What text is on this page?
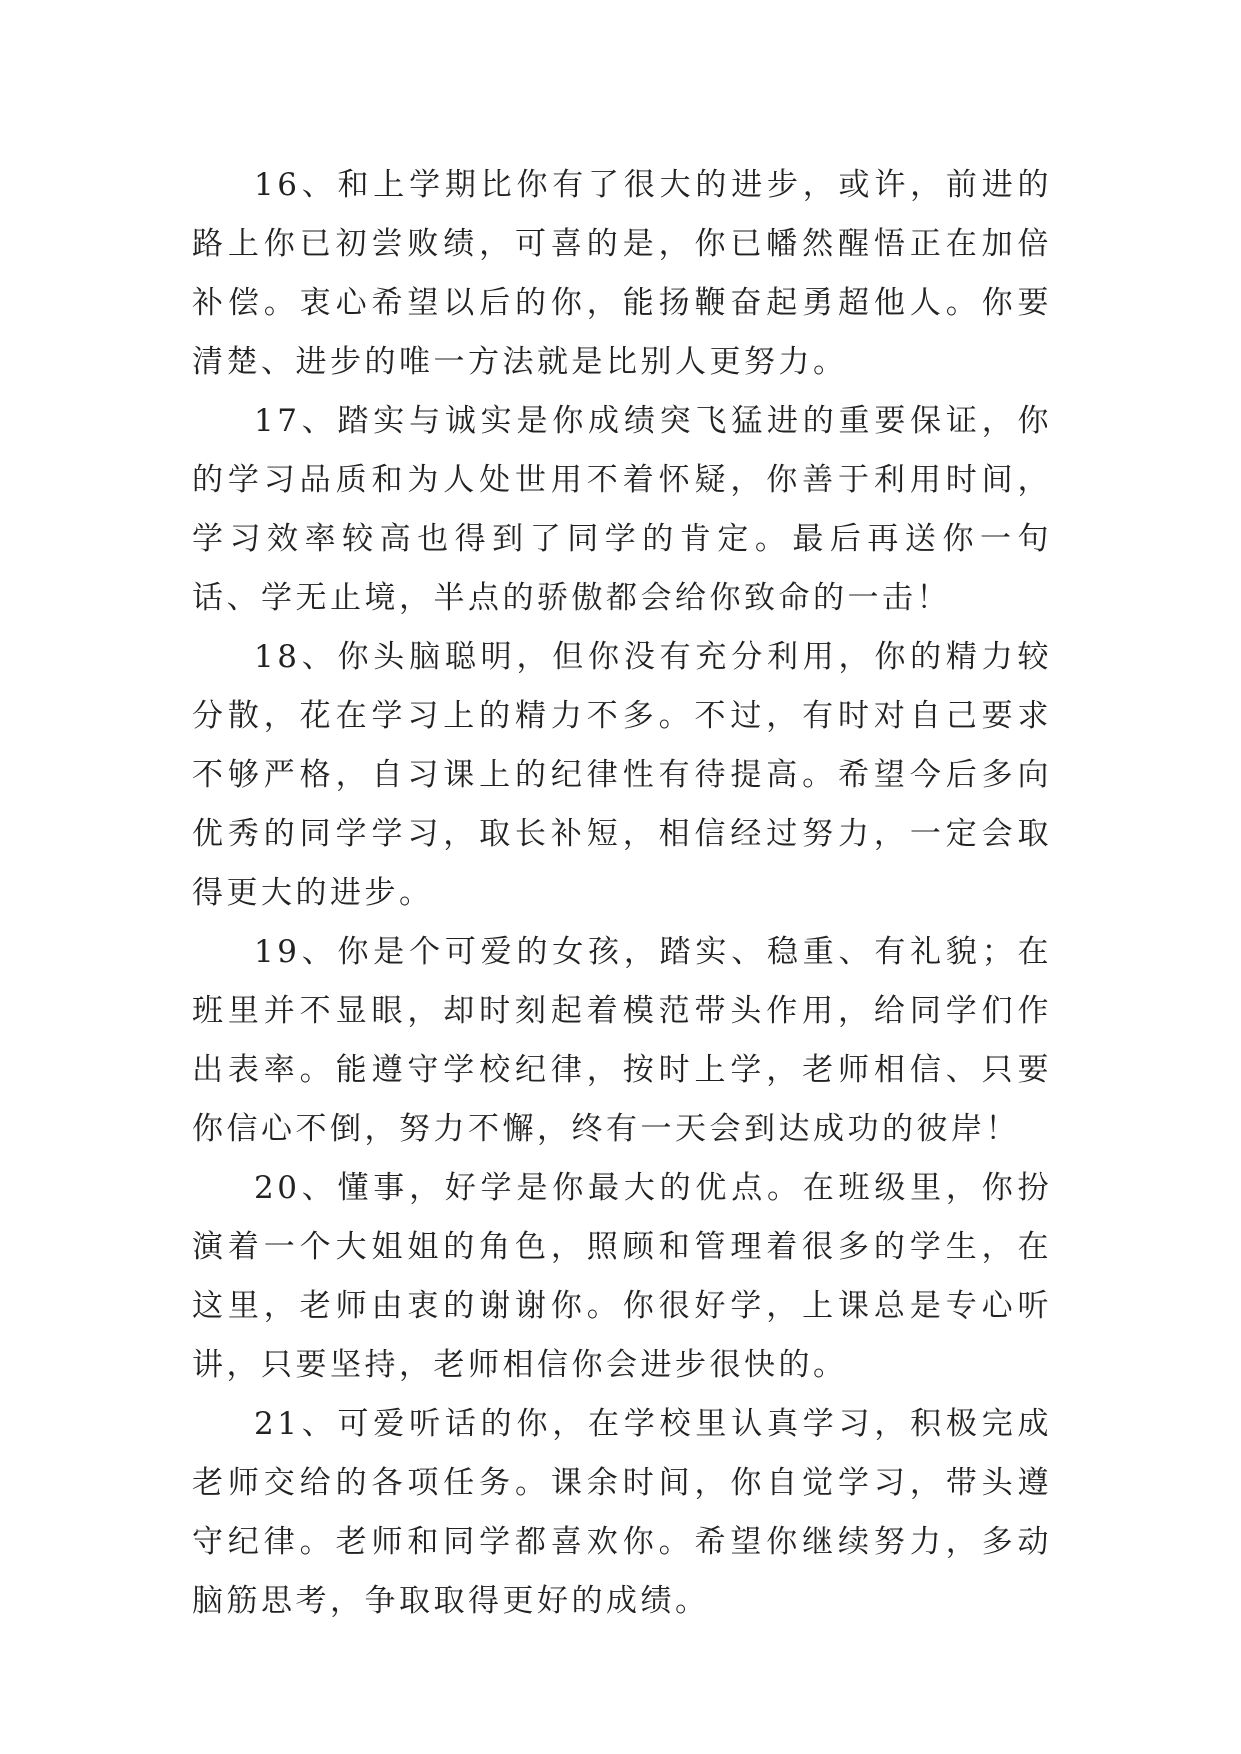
16、和上学期比你有了很大的进步，或许，前进的路上你已初尝败绩，可喜的是，你已幡然醒悟正在加倍补偿。衷心希望以后的你，能扬鞭奋起勇超他人。你要清楚、进步的唯一方法就是比别人更努力。

17、踏实与诚实是你成绩突飞猛进的重要保证，你的学习品质和为人处世用不着怀疑，你善于利用时间，学习效率较高也得到了同学的肯定。最后再送你一句话、学无止境，半点的骄傲都会给你致命的一击！

18、你头脑聪明，但你没有充分利用，你的精力较分散，花在学习上的精力不多。不过，有时对自己要求不够严格，自习课上的纪律性有待提高。希望今后多向优秀的同学学习，取长补短，相信经过努力，一定会取得更大的进步。

19、你是个可爱的女孩，踏实、稳重、有礼貌；在班里并不显眼，却时刻起着模范带头作用，给同学们作出表率。能遵守学校纪律，按时上学，老师相信、只要你信心不倒，努力不懈，终有一天会到达成功的彼岸！

20、懂事，好学是你最大的优点。在班级里，你扮演着一个大姐姐的角色，照顾和管理着很多的学生，在这里，老师由衷的谢谢你。你很好学，上课总是专心听讲，只要坚持，老师相信你会进步很快的。

21、可爱听话的你，在学校里认真学习，积极完成老师交给的各项任务。课余时间，你自觉学习，带头遵守纪律。老师和同学都喜欢你。希望你继续努力，多动脑筋思考，争取取得更好的成绩。
